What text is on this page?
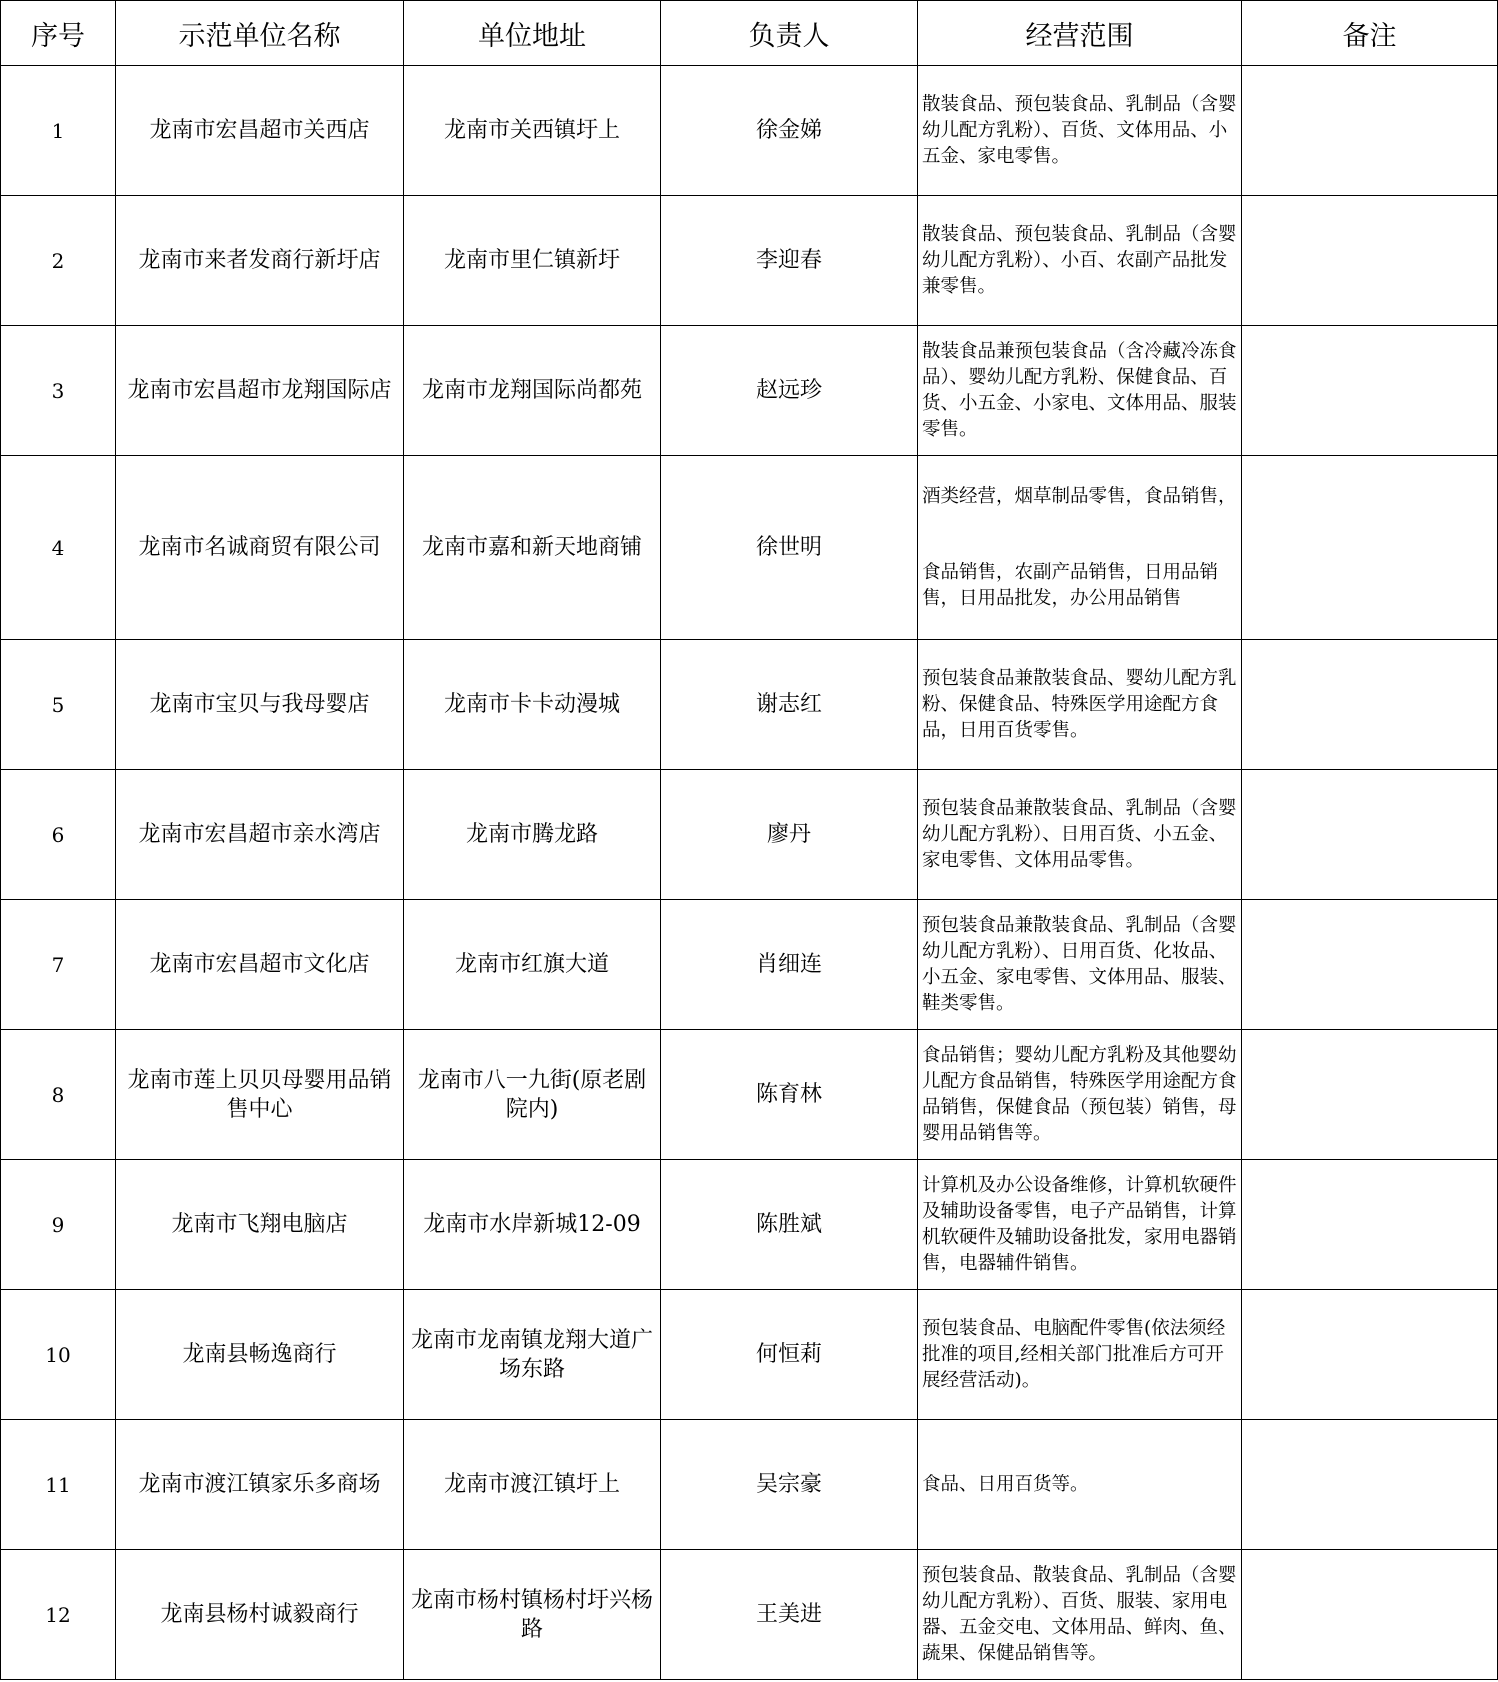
序号	示范单位名称	单位地址	负责人	经营范围	备注
1	龙南市宏昌超市关西店	龙南市关西镇圩上	徐金娣	散装食品、预包装食品、乳制品（含婴幼儿配方乳粉）、百货、文体用品、小五金、家电零售。	

2	龙南市来者发商行新圩店	龙南市里仁镇新圩	李迎春	散装食品、预包装食品、乳制品（含婴幼儿配方乳粉）、小百、农副产品批发兼零售。	

3	龙南市宏昌超市龙翔国际店	龙南市龙翔国际尚都苑	赵远珍	散装食品兼预包装食品（含冷藏冷冻食品）、婴幼儿配方乳粉、保健食品、百货、小五金、小家电、文体用品、服装零售。	

4	龙南市名诚商贸有限公司	龙南市嘉和新天地商铺	徐世明	酒类经营，烟草制品零售，食品销售，
食品销售，农副产品销售，日用品销售，日用品批发，办公用品销售	

5	龙南市宝贝与我母婴店	龙南市卡卡动漫城	谢志红	预包装食品兼散装食品、婴幼儿配方乳粉、保健食品、特殊医学用途配方食品，日用百货零售。	

6	龙南市宏昌超市亲水湾店	龙南市腾龙路	廖丹	预包装食品兼散装食品、乳制品（含婴幼儿配方乳粉）、日用百货、小五金、家电零售、文体用品零售。	

7	龙南市宏昌超市文化店	龙南市红旗大道	肖细连	预包装食品兼散装食品、乳制品（含婴幼儿配方乳粉）、日用百货、化妆品、小五金、家电零售、文体用品、服装、鞋类零售。	

8	龙南市莲上贝贝母婴用品销售中心	龙南市八一九街(原老剧院内)	陈育林	食品销售；婴幼儿配方乳粉及其他婴幼儿配方食品销售，特殊医学用途配方食品销售，保健食品（预包装）销售，母婴用品销售等。	

9	龙南市飞翔电脑店	龙南市水岸新城12-09	陈胜斌	计算机及办公设备维修，计算机软硬件及辅助设备零售，电子产品销售，计算机软硬件及辅助设备批发，家用电器销售，电器辅件销售。	

10	龙南县畅逸商行	龙南市龙南镇龙翔大道广场东路	何恒莉	预包装食品、电脑配件零售(依法须经批准的项目,经相关部门批准后方可开展经营活动)。	

11	龙南市渡江镇家乐多商场	龙南市渡江镇圩上	吴宗豪	食品、日用百货等。	

12	龙南县杨村诚毅商行	龙南市杨村镇杨村圩兴杨路	王美进	预包装食品、散装食品、乳制品（含婴幼儿配方乳粉）、百货、服装、家用电器、五金交电、文体用品、鲜肉、鱼、蔬果、保健品销售等。	
